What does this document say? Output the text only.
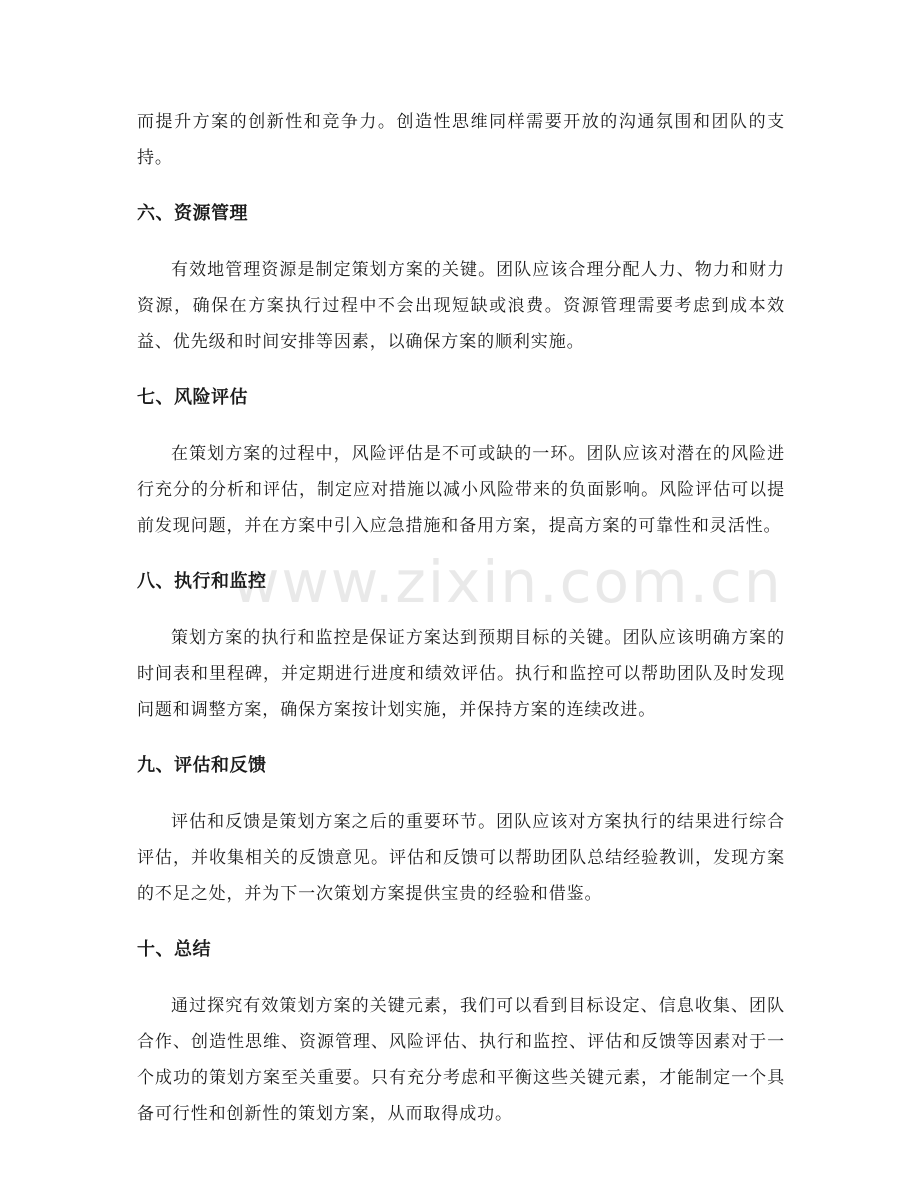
www.zixin.com.cn

而提升方案的创新性和竞争力。创造性思维同样需要开放的沟通氛围和团队的支持。

六、资源管理

有效地管理资源是制定策划方案的关键。团队应该合理分配人力、物力和财力资源，确保在方案执行过程中不会出现短缺或浪费。资源管理需要考虑到成本效益、优先级和时间安排等因素，以确保方案的顺利实施。

七、风险评估

在策划方案的过程中，风险评估是不可或缺的一环。团队应该对潜在的风险进行充分的分析和评估，制定应对措施以减小风险带来的负面影响。风险评估可以提前发现问题，并在方案中引入应急措施和备用方案，提高方案的可靠性和灵活性。

八、执行和监控

策划方案的执行和监控是保证方案达到预期目标的关键。团队应该明确方案的时间表和里程碑，并定期进行进度和绩效评估。执行和监控可以帮助团队及时发现问题和调整方案，确保方案按计划实施，并保持方案的连续改进。

九、评估和反馈

评估和反馈是策划方案之后的重要环节。团队应该对方案执行的结果进行综合评估，并收集相关的反馈意见。评估和反馈可以帮助团队总结经验教训，发现方案的不足之处，并为下一次策划方案提供宝贵的经验和借鉴。

十、总结

通过探究有效策划方案的关键元素，我们可以看到目标设定、信息收集、团队合作、创造性思维、资源管理、风险评估、执行和监控、评估和反馈等因素对于一个成功的策划方案至关重要。只有充分考虑和平衡这些关键元素，才能制定一个具备可行性和创新性的策划方案，从而取得成功。
